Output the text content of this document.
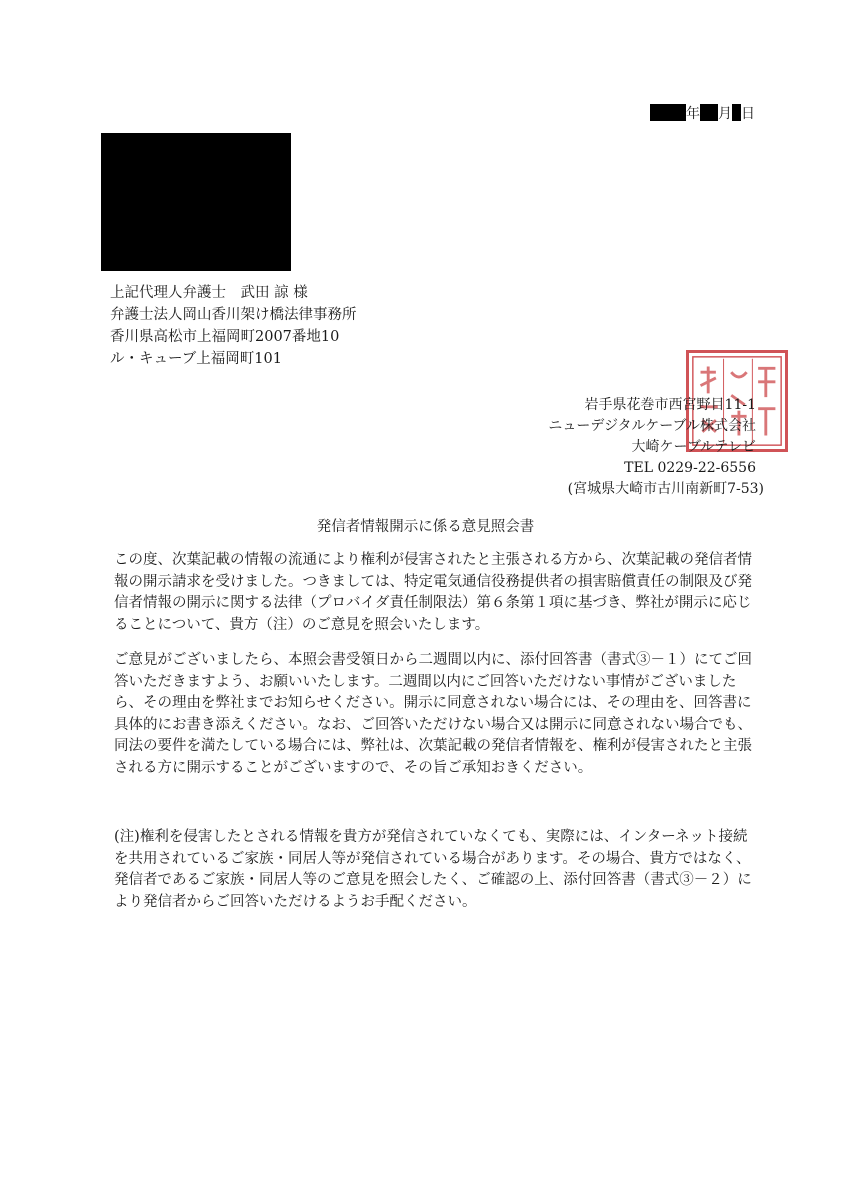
年 月 日
上記代理人弁護士　武田 諒 様
弁護士法人岡山香川架け橋法律事務所
香川県高松市上福岡町2007番地10
ル・キューブ上福岡町101
岩手県花巻市西宮野目11-1
ニューデジタルケーブル株式会社
大崎ケーブルテレビ
TEL 0229-22-6556
(宮城県大崎市古川南新町7-53)
発信者情報開示に係る意見照会書
この度、次葉記載の情報の流通により権利が侵害されたと主張される方から、次葉記載の発信者情報の開示請求を受けました。つきましては、特定電気通信役務提供者の損害賠償責任の制限及び発信者情報の開示に関する法律（プロバイダ責任制限法）第６条第１項に基づき、弊社が開示に応じることについて、貴方（注）のご意見を照会いたします。
ご意見がございましたら、本照会書受領日から二週間以内に、添付回答書（書式③－１）にてご回答いただきますよう、お願いいたします。二週間以内にご回答いただけない事情がございましたら、その理由を弊社までお知らせください。開示に同意されない場合には、その理由を、回答書に具体的にお書き添えください。なお、ご回答いただけない場合又は開示に同意されない場合でも、同法の要件を満たしている場合には、弊社は、次葉記載の発信者情報を、権利が侵害されたと主張される方に開示することがございますので、その旨ご承知おきください。
(注)権利を侵害したとされる情報を貴方が発信されていなくても、実際には、インターネット接続を共用されているご家族・同居人等が発信されている場合があります。その場合、貴方ではなく、発信者であるご家族・同居人等のご意見を照会したく、ご確認の上、添付回答書（書式③－２）により発信者からご回答いただけるようお手配ください。
